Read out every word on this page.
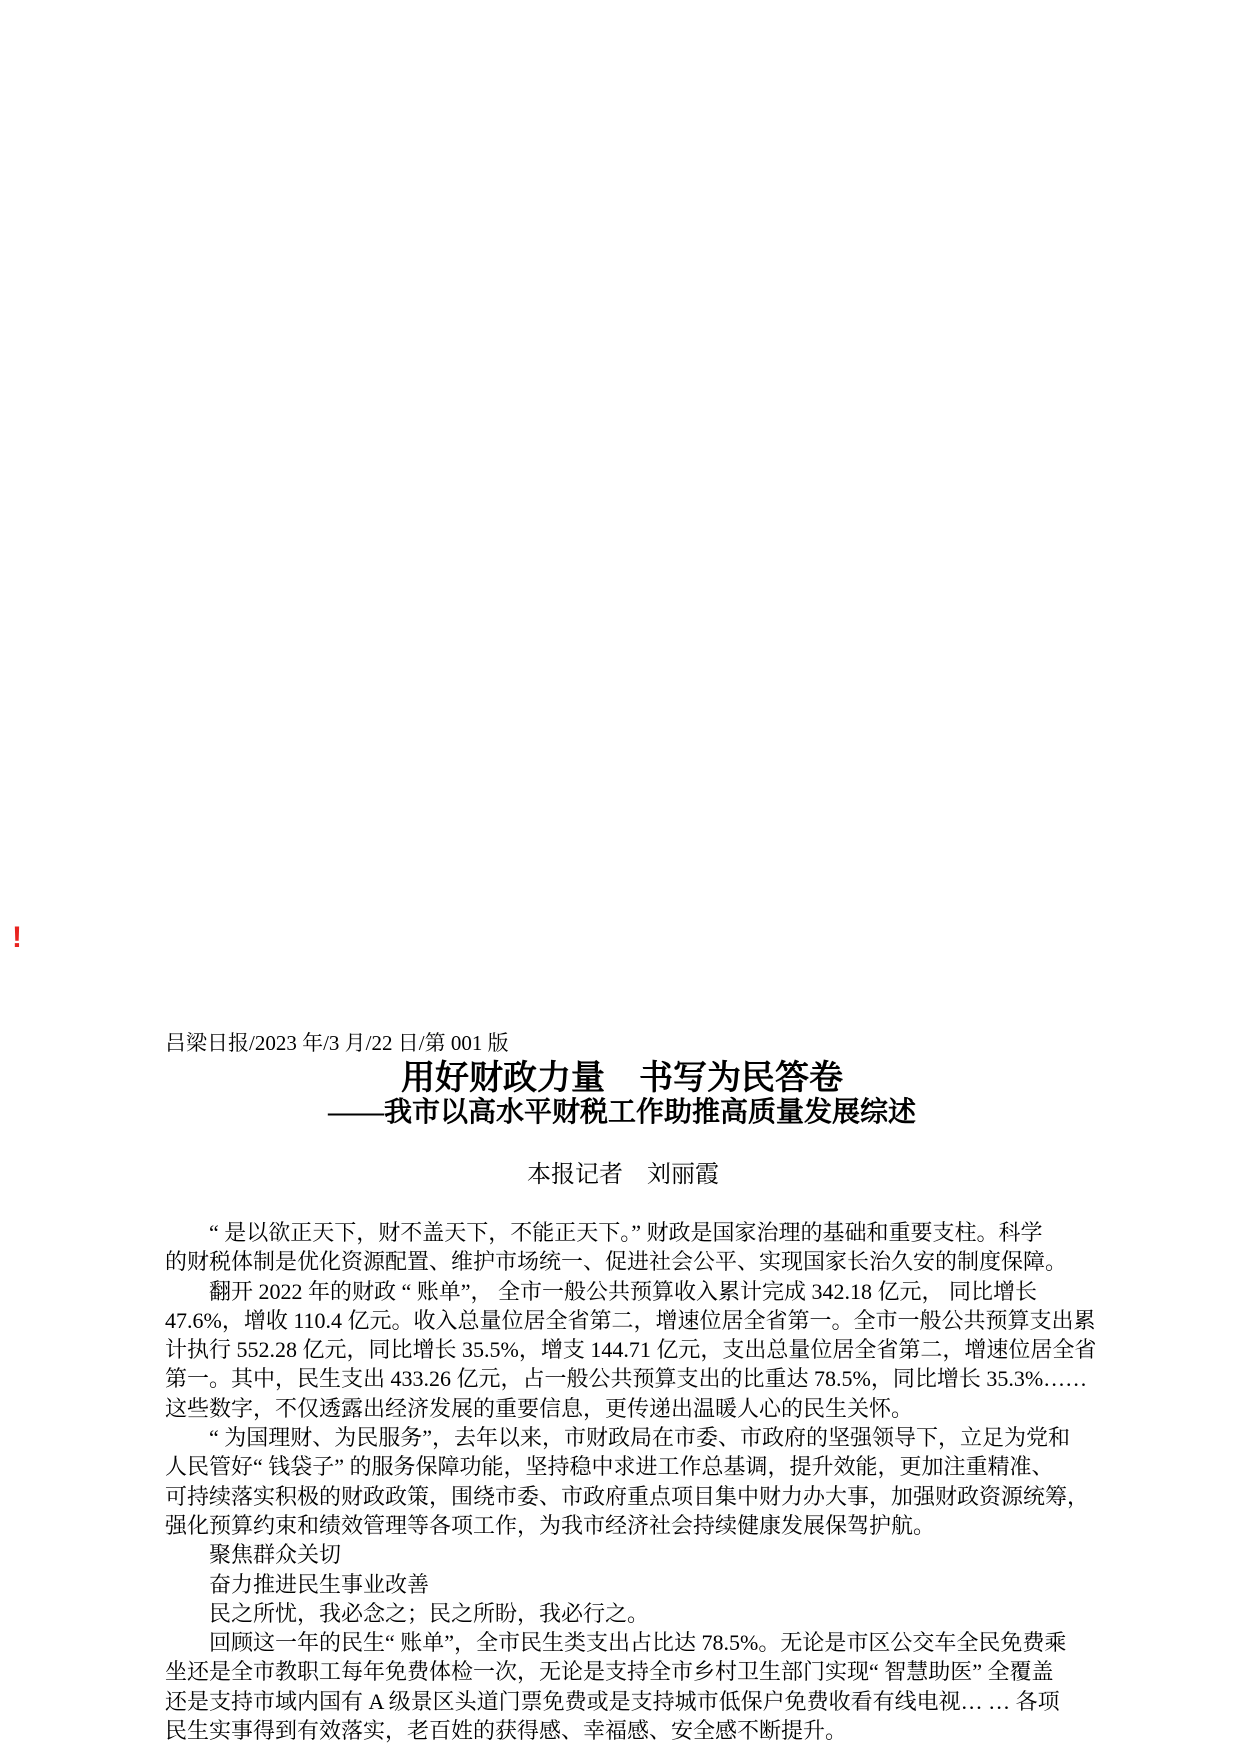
!
吕梁日报/2023 年/3 月/22 日/第 001 版
用好财政力量　书写为民答卷
——我市以高水平财税工作助推高质量发展综述
本报记者　刘丽霞
“ 是以欲正天下，财不盖天下，不能正天下。” 财政是国家治理的基础和重要支柱。科学
的财税体制是优化资源配置、维护市场统一、促进社会公平、实现国家长治久安的制度保障。
翻开 2022 年的财政 “ 账单”， 全市一般公共预算收入累计完成 342.18 亿元， 同比增长
47.6%，增收 110.4 亿元。收入总量位居全省第二，增速位居全省第一。全市一般公共预算支出累
计执行 552.28 亿元，同比增长 35.5%，增支 144.71 亿元，支出总量位居全省第二，增速位居全省
第一。其中，民生支出 433.26 亿元，占一般公共预算支出的比重达 78.5%，同比增长 35.3%……
这些数字，不仅透露出经济发展的重要信息，更传递出温暖人心的民生关怀。
“ 为国理财、为民服务”，去年以来，市财政局在市委、市政府的坚强领导下，立足为党和
人民管好“ 钱袋子” 的服务保障功能，坚持稳中求进工作总基调，提升效能，更加注重精准、
可持续落实积极的财政政策，围绕市委、市政府重点项目集中财力办大事，加强财政资源统筹，
强化预算约束和绩效管理等各项工作，为我市经济社会持续健康发展保驾护航。
聚焦群众关切
奋力推进民生事业改善
民之所忧，我必念之；民之所盼，我必行之。
回顾这一年的民生“ 账单”，全市民生类支出占比达 78.5%。无论是市区公交车全民免费乘
坐还是全市教职工每年免费体检一次，无论是支持全市乡村卫生部门实现“ 智慧助医” 全覆盖
还是支持市域内国有 A 级景区头道门票免费或是支持城市低保户免费收看有线电视… … 各项
民生实事得到有效落实，老百姓的获得感、幸福感、安全感不断提升。
